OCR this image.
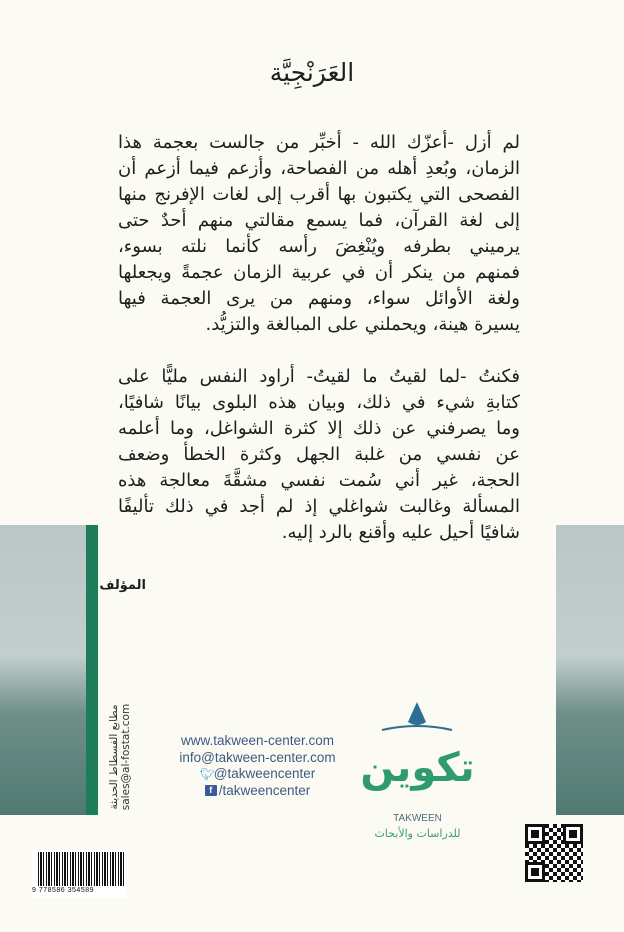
العَرَنْجِيَّة
لم أزل -أعزّك الله - أخبِّر من جالست بعجمة هذا
الزمان، وبُعدِ أهله من الفصاحة، وأزعم فيما أزعم أن
الفصحى التي يكتبون بها أقرب إلى لغات الإفرنج منها
إلى لغة القرآن، فما يسمع مقالتي منهم أحدٌ حتى
يرميني بطرفه ويُنْغِضَ رأسه كأنما نلته بسوء،
فمنهم من ينكر أن في عربية الزمان عجمةً ويجعلها
ولغة الأوائل سواء، ومنهم من يرى العجمة فيها
يسيرة هينة، ويحملني على المبالغة والتزيُّد.
فكنتُ -لما لقيتُ ما لقيتُ- أراود النفس مليًّا على
كتابةِ شيء في ذلك، وبيان هذه البلوى بيانًا شافيًا،
وما يصرفني عن ذلك إلا كثرة الشواغل، وما أعلمه
عن نفسي من غلبة الجهل وكثرة الخطأ وضعف
الحجة، غير أني سُمت نفسي مشقَّةَ معالجة هذه
المسألة وغالبت شواغلي إذ لم أجد في ذلك تأليفًا
شافيًا أحيل عليه وأقنع بالرد إليه.
المؤلف
مطابع الفسطاط الحديثة sales@al-fostat.com	www.takween-center.com
info@takween-center.com
🐦︎@takweencenter
f /takweencenter	تكوين
TAKWEEN
للدراسات والأبحاث
9 778586 354589
